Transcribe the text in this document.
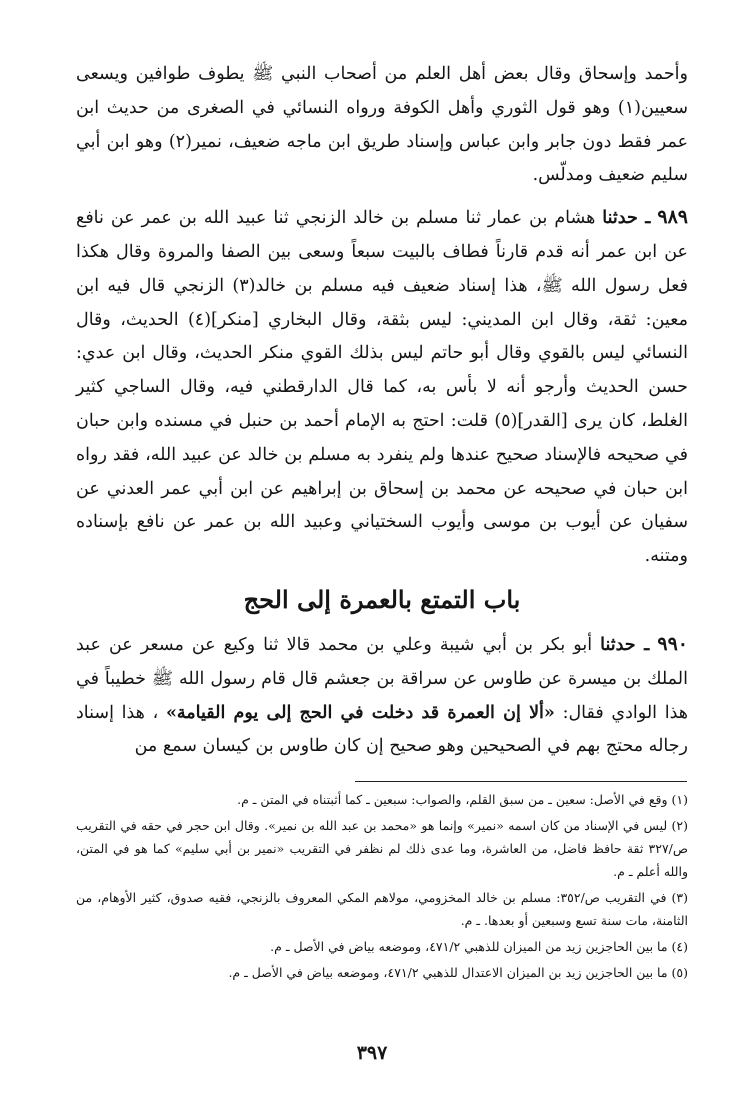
وأحمد وإسحاق وقال بعض أهل العلم من أصحاب النبي ﷺ يطوف طوافين ويسعى سعيين(١) وهو قول الثوري وأهل الكوفة ورواه النسائي في الصغرى من حديث ابن عمر فقط دون جابر وابن عباس وإسناد طريق ابن ماجه ضعيف، نمير(٢) وهو ابن أبي سليم ضعيف ومدلّس.

٩٨٩ ـ حدثنا هشام بن عمار ثنا مسلم بن خالد الزنجي ثنا عبيد الله بن عمر عن نافع عن ابن عمر أنه قدم قارناً فطاف بالبيت سبعاً وسعى بين الصفا والمروة وقال هكذا فعل رسول الله ﷺ، هذا إسناد ضعيف فيه مسلم بن خالد(٣) الزنجي قال فيه ابن معين: ثقة، وقال ابن المديني: ليس بثقة، وقال البخاري [منكر](٤) الحديث، وقال النسائي ليس بالقوي وقال أبو حاتم ليس بذلك القوي منكر الحديث، وقال ابن عدي: حسن الحديث وأرجو أنه لا بأس به، كما قال الدارقطني فيه، وقال الساجي كثير الغلط، كان يرى [القدر](٥) قلت: احتج به الإمام أحمد بن حنبل في مسنده وابن حبان في صحيحه فالإسناد صحيح عندها ولم ينفرد به مسلم بن خالد عن عبيد الله، فقد رواه ابن حبان في صحيحه عن محمد بن إسحاق بن إبراهيم عن ابن أبي عمر العدني عن سفيان عن أيوب بن موسى وأيوب السختياني وعبيد الله بن عمر عن نافع بإسناده ومتنه.

باب التمتع بالعمرة إلى الحج

٩٩٠ ـ حدثنا أبو بكر بن أبي شيبة وعلي بن محمد قالا ثنا وكيع عن مسعر عن عبد الملك بن ميسرة عن طاوس عن سراقة بن جعشم قال قام رسول الله ﷺ خطيباً في هذا الوادي فقال: «ألا إن العمرة قد دخلت في الحج إلى يوم القيامة» ، هذا إسناد رجاله محتج بهم في الصحيحين وهو صحيح إن كان طاوس بن كيسان سمع من

(١) وقع في الأصل: سعين ـ من سبق القلم، والصواب: سبعين ـ كما أثبتناه في المتن ـ م.

(٢) ليس في الإسناد من كان اسمه «نمير» وإنما هو «محمد بن عبد الله بن نمير». وقال ابن حجر في حقه في التقريب ص/٣٢٧ ثقة حافظ فاضل، من العاشرة، وما عدى ذلك لم نظفر في التقريب «نمير بن أبي سليم» كما هو في المتن، والله أعلم ـ م.

(٣) في التقريب ص/٣٥٢: مسلم بن خالد المخزومي، مولاهم المكي المعروف بالزنجي، فقيه صدوق، كثير الأوهام، من الثامنة، مات سنة تسع وسبعين أو بعدها. ـ م.

(٤) ما بين الحاجزين زيد من الميزان للذهبي ٤٧١/٢، وموضعه بياض في الأصل ـ م.

(٥) ما بين الحاجزين زيد بن الميزان الاعتدال للذهبي ٤٧١/٢، وموضعه بياض في الأصل ـ م.

٣٩٧
